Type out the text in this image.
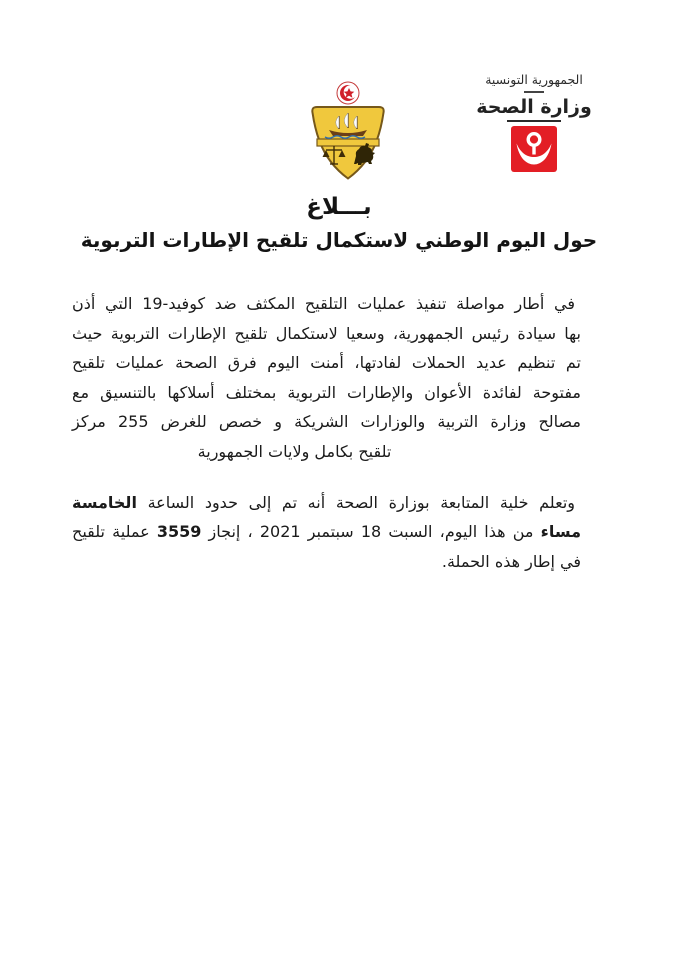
الجمهورية التونسية
وزارة الصحة
بـــلاغ
حول اليوم الوطني لاستكمال تلقيح الإطارات التربوية
في أطار مواصلة تنفيذ عمليات التلقيح المكثف ضد كوفيد-19 التي أذن
بها سيادة رئيس الجمهورية، وسعيا لاستكمال تلقيح الإطارات التربوية حيث
تم تنظيم عديد الحملات لفادتها، أمنت اليوم فرق الصحة عمليات تلقيح
مفتوحة لفائدة الأعوان والإطارات التربوية بمختلف أسلاكها بالتنسيق مع
مصالح وزارة التربية والوزارات الشريكة و خصص للغرض 255 مركز
تلقيح بكامل ولايات الجمهورية
وتعلم خلية المتابعة بوزارة الصحة أنه تم إلى حدود الساعة الخامسة
مساء من هذا اليوم، السبت 18 سبتمبر 2021 ، إنجاز 3559 عملية تلقيح
في إطار هذه الحملة.
